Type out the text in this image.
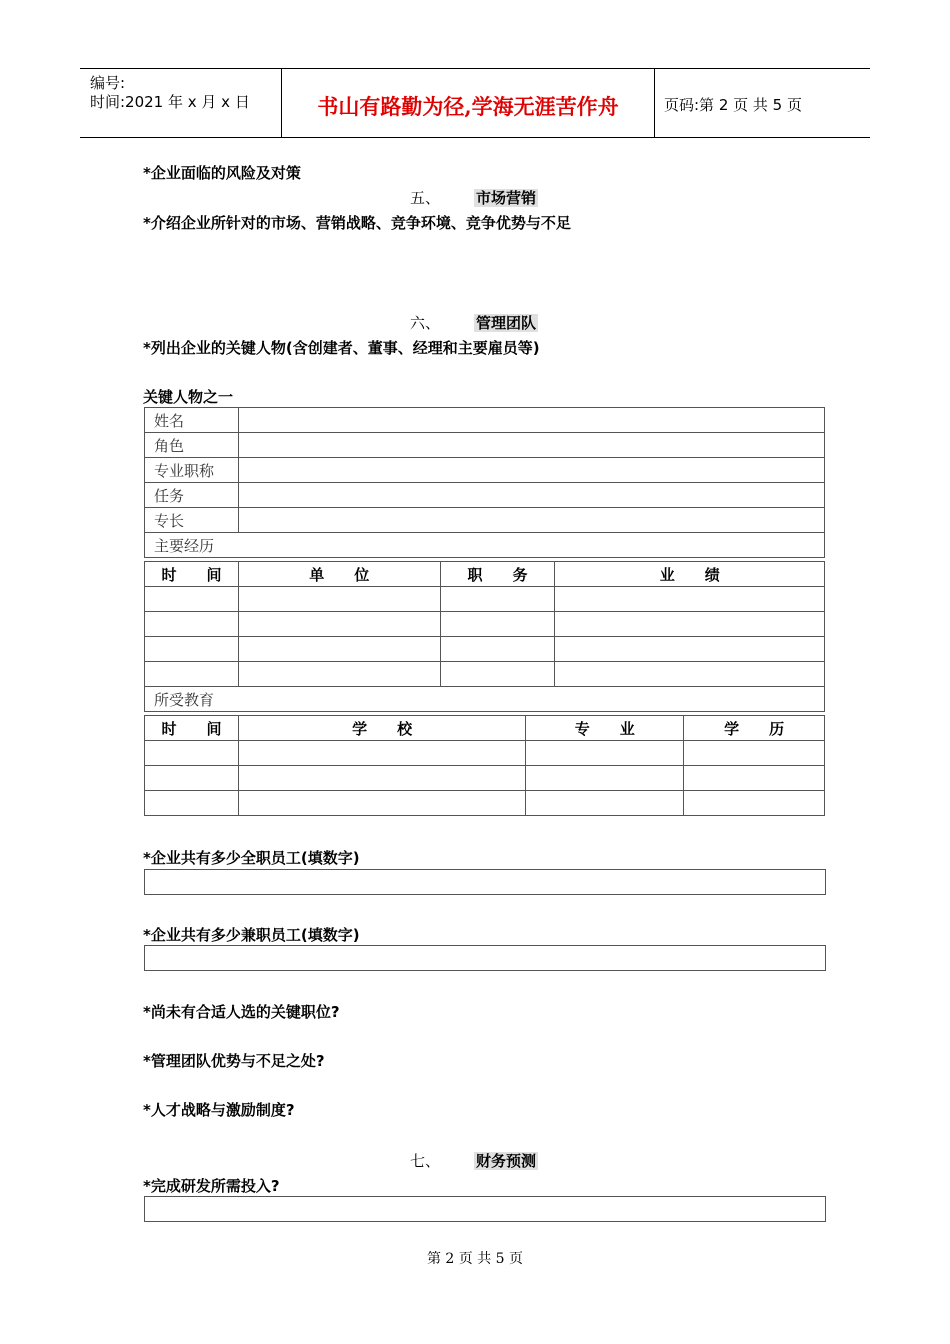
编号:
时间:2021 年 x 月 x 日	书山有路勤为径,学海无涯苦作舟	页码:第 2 页 共 5 页
*企业面临的风险及对策
五、 市场营销
*介绍企业所针对的市场、营销战略、竞争环境、竞争优势与不足
六、 管理团队
*列出企业的关键人物(含创建者、董事、经理和主要雇员等)
关键人物之一
姓名	
角色	
专业职称	
任务	
专长	
主要经历	
时　　间	单　　位	职　　务	业　　绩

所受教育			
时　　间	学　　校	专　　业	学　　历

*企业共有多少全职员工(填数字)
*企业共有多少兼职员工(填数字)
*尚未有合适人选的关键职位?
*管理团队优势与不足之处?
*人才战略与激励制度?
七、 财务预测
*完成研发所需投入?
第 2 页 共 5 页
